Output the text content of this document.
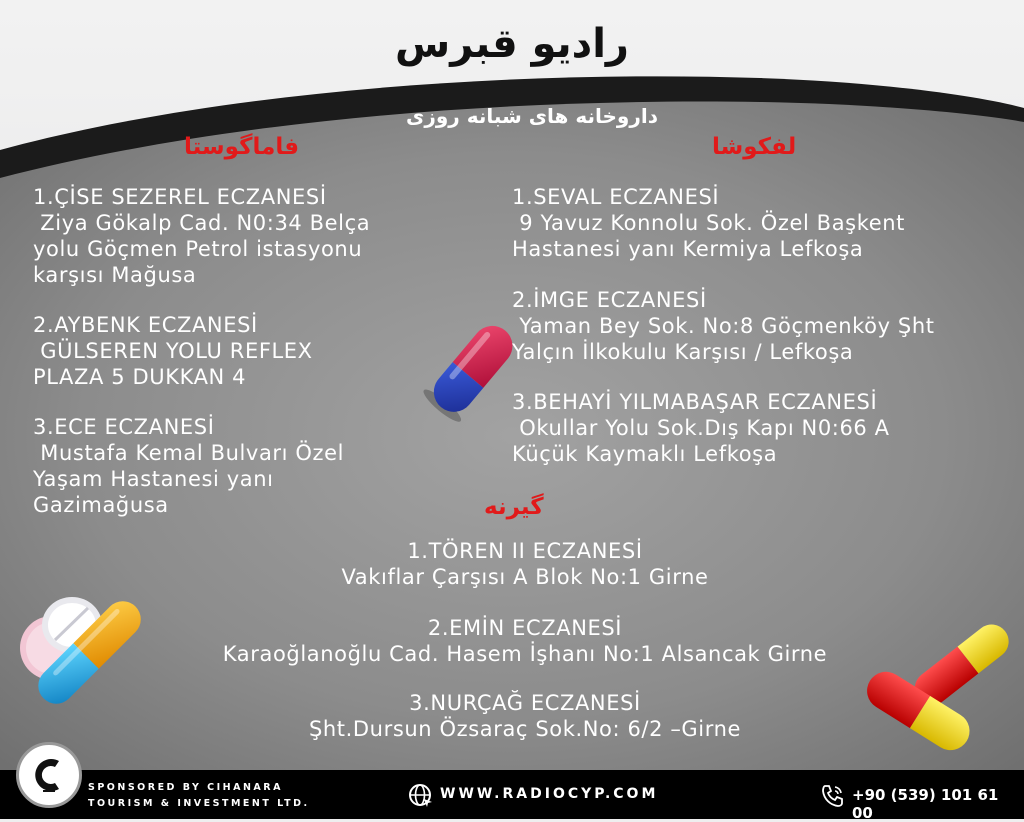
رادیو قبرس
داروخانه های شبانه روزی
فاماگوستا	لفکوشا
گیرنه
1.ÇİSE SEZEREL ECZANESİ
Ziya Gökalp Cad. N0:34 Belça
yolu Göçmen Petrol istasyonu
karşısı Mağusa
2.AYBENK ECZANESİ
GÜLSEREN YOLU REFLEX
PLAZA 5 DUKKAN 4
3.ECE ECZANESİ
Mustafa Kemal Bulvarı Özel
Yaşam Hastanesi yanı
Gazimağusa
1.SEVAL ECZANESİ
9 Yavuz Konnolu Sok. Özel Başkent
Hastanesi yanı Kermiya Lefkoşa
2.İMGE ECZANESİ
Yaman Bey Sok. No:8 Göçmenköy Şht
Yalçın İlkokulu Karşısı / Lefkoşa
3.BEHAYİ YILMABAŞAR ECZANESİ
Okullar Yolu Sok.Dış Kapı N0:66 A
Küçük Kaymaklı Lefkoşa
1.TÖREN II ECZANESİ
Vakıflar Çarşısı A Blok No:1 Girne
2.EMİN ECZANESİ
Karaoğlanoğlu Cad. Hasem İşhanı No:1 Alsancak Girne
3.NURÇAĞ ECZANESİ
Şht.Dursun Özsaraç Sok.No: 6/2 –Girne
SPONSORED BY CIHANARA
TOURISM & INVESTMENT LTD.
WWW.RADIOCYP.COM	+90 (539) 101 61 00
